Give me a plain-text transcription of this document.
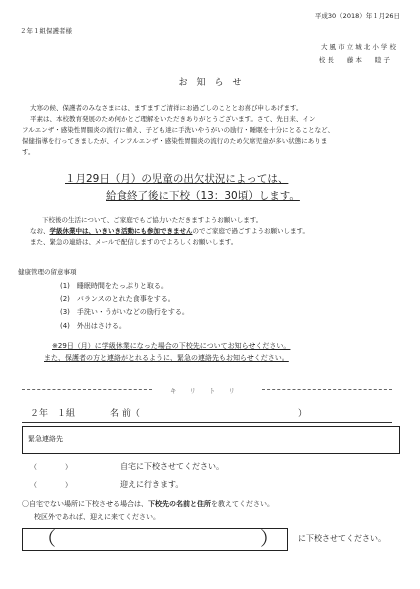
平成30（2018）年１月26日
２年１組保護者様
大 風 市 立 城 北 小 学 校
校 長　　藤 本　　睦 子
お　知　ら　せ
大寒の候、保護者のみなさまには、ますますご清祥にお過ごしのこととお喜び申しあげます。
平素は、本校教育発展のため何かとご理解をいただきありがとうございます。さて、先日来、イン
フルエンザ・感染性胃腸炎の流行に備え、子ども達に手洗いやうがいの励行・睡眠を十分にとることなど、
保健指導を行ってきましたが、インフルエンザ・感染性胃腸炎の流行のため欠席児童が多い状態にありま
す。
１月29日（月）の児童の出欠状況によっては、
給食終了後に下校（13：30頃）します。
下校後の生活について、ご家庭でもご協力いただきますようお願いします。
なお、学級休業中は、いきいき活動にも参加できませんのでご家庭で過ごすようお願いします。
また、緊急の連絡は、メールで配信しますのでよろしくお願いします。
健康管理の留意事項
(1)　睡眠時間をたっぷりと取る。
(2)　バランスのとれた食事をする。
(3)　手洗い・うがいなどの励行をする。
(4)　外出はさける。
※29日（月）に学級休業になった場合の下校先についてお知らせください。
また、保護者の方と連絡がとれるように、緊急の連絡先もお知らせください。
キ　　リ　　ト　　リ
２年　１組	名 前（	）
緊急連絡先
（　　　　）	自宅に下校させてください。
（　　　　）	迎えに行きます。
〇自宅でない場所に下校させる場合は、下校先の名前と住所を教えてください。
校区外であれば、迎えに来てください。
（	） に下校させてください。
